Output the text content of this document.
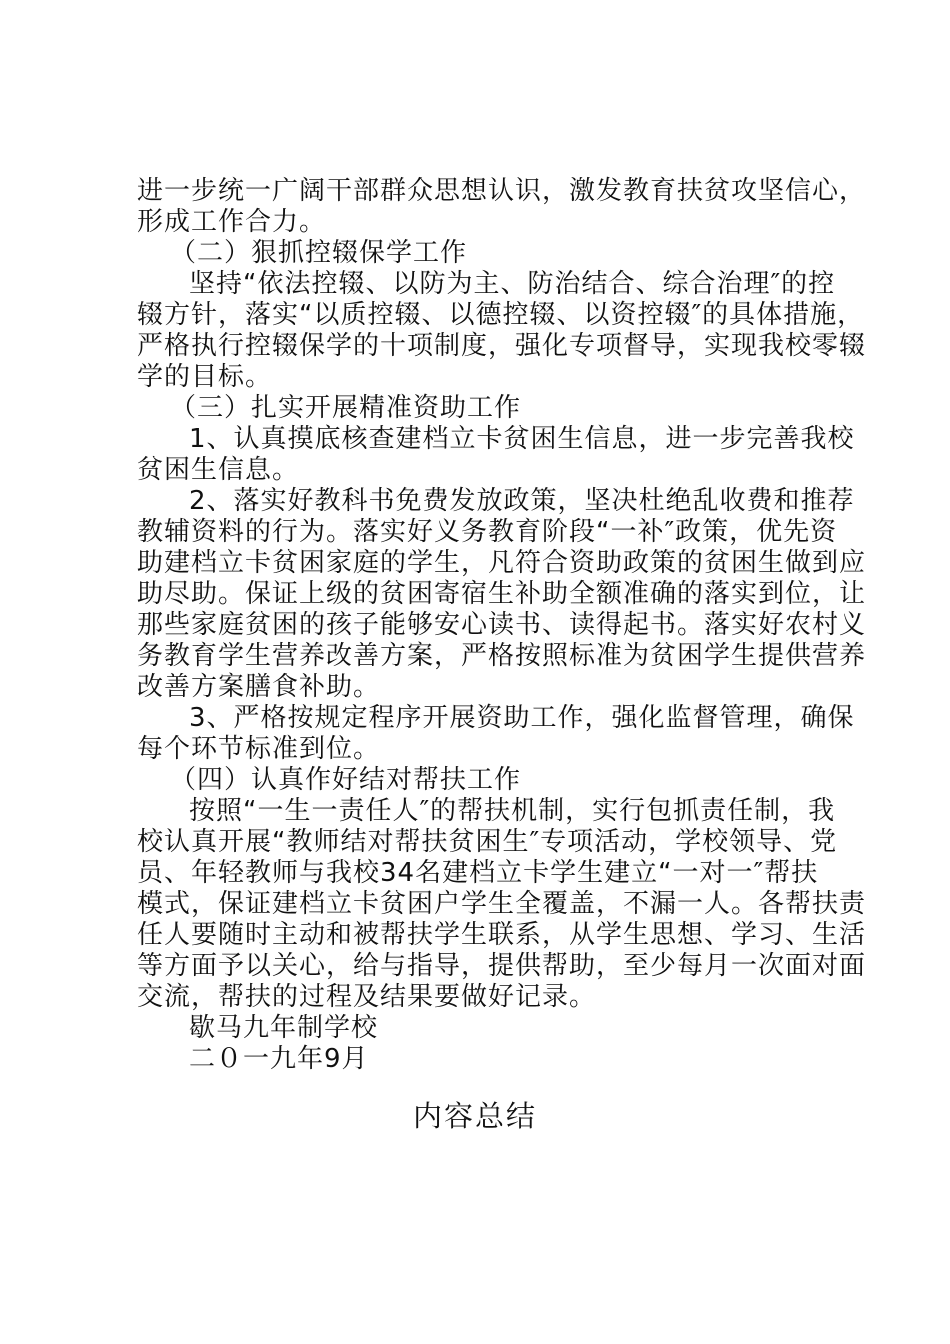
进一步统一广阔干部群众思想认识，激发教育扶贫攻坚信心，
形成工作合力。
（二）狠抓控辍保学工作
坚持“依法控辍、以防为主、防治结合、综合治理″的控
辍方针，落实“以质控辍、以德控辍、以资控辍″的具体措施，
严格执行控辍保学的十项制度，强化专项督导，实现我校零辍
学的目标。
（三）扎实开展精准资助工作
1、认真摸底核查建档立卡贫困生信息，进一步完善我校
贫困生信息。
2、落实好教科书免费发放政策，坚决杜绝乱收费和推荐
教辅资料的行为。落实好义务教育阶段“一补″政策，优先资
助建档立卡贫困家庭的学生，凡符合资助政策的贫困生做到应
助尽助。保证上级的贫困寄宿生补助全额准确的落实到位，让
那些家庭贫困的孩子能够安心读书、读得起书。落实好农村义
务教育学生营养改善方案，严格按照标准为贫困学生提供营养
改善方案膳食补助。
3、严格按规定程序开展资助工作，强化监督管理，确保
每个环节标准到位。
（四）认真作好结对帮扶工作
按照“一生一责任人″的帮扶机制，实行包抓责任制，我
校认真开展“教师结对帮扶贫困生″专项活动，学校领导、党
员、年轻教师与我校34名建档立卡学生建立“一对一″帮扶
模式，保证建档立卡贫困户学生全覆盖，不漏一人。各帮扶责
任人要随时主动和被帮扶学生联系，从学生思想、学习、生活
等方面予以关心，给与指导，提供帮助，至少每月一次面对面
交流，帮扶的过程及结果要做好记录。
歇马九年制学校
二０一九年9月
内容总结
